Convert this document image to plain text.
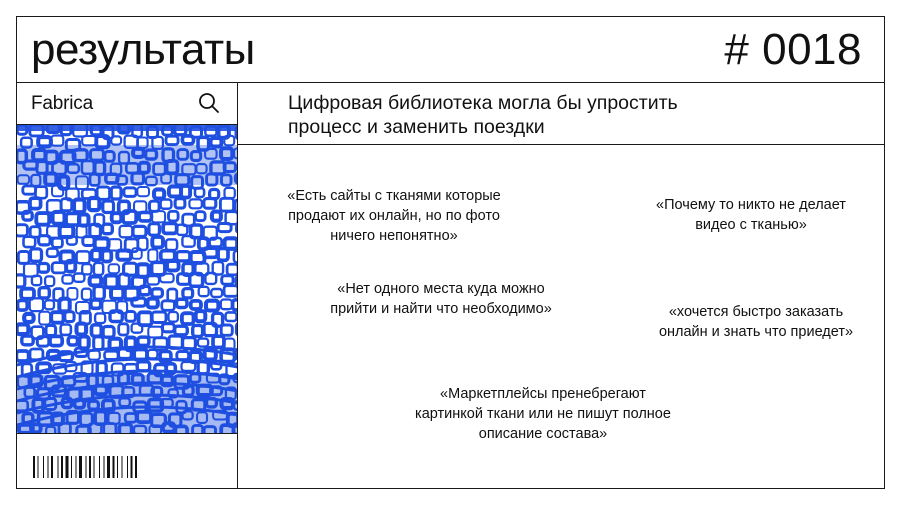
результаты	# 0018
Fabrica	Цифровая библиотека могла бы упростить
процесс и заменить поездки
«Есть сайты с тканями которые
продают их онлайн, но по фото
ничего непонятно»
«Почему то никто не делает
видео с тканью»
«Нет одного места куда можно
прийти и найти что необходимо»	«хочется быстро заказать
онлайн и знать что приедет»
«Маркетплейсы пренебрегают
картинкой ткани или не пишут полное
описание состава»
